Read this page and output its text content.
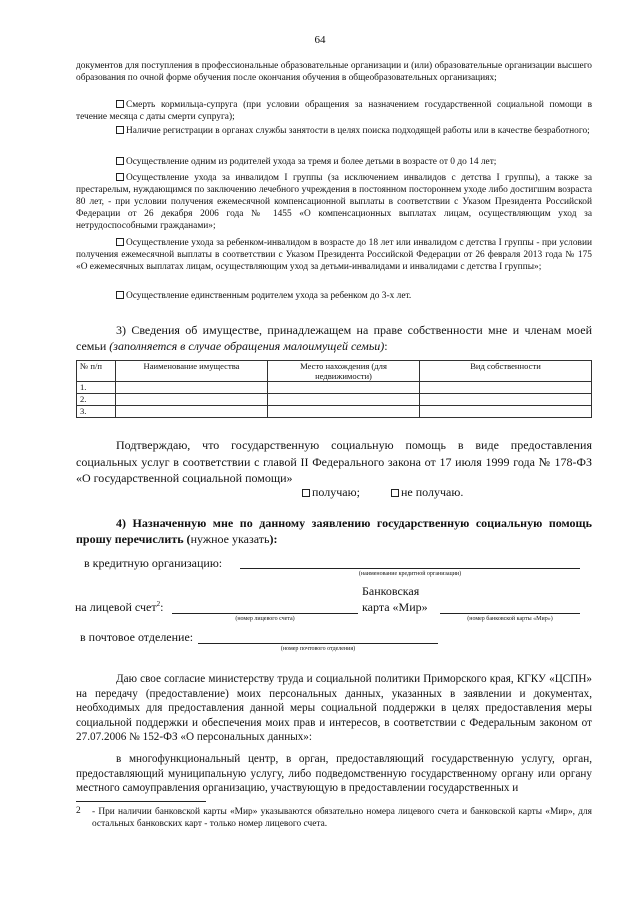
64
документов для поступления в профессиональные образовательные организации и (или) образовательные организации высшего образования по очной форме обучения после окончания обучения в общеобразовательных организациях;
Смерть кормильца-супруга (при условии обращения за назначением государственной социальной помощи в течение месяца с даты смерти супруга);
Наличие регистрации в органах службы занятости в целях поиска подходящей работы или в качестве безработного;
Осуществление одним из родителей ухода за тремя и более детьми в возрасте от 0 до 14 лет;
Осуществление ухода за инвалидом I группы (за исключением инвалидов с детства I группы), а также за престарелым, нуждающимся по заключению лечебного учреждения в постоянном постороннем уходе либо достигшим возраста 80 лет, - при условии получения ежемесячной компенсационной выплаты в соответствии с Указом Президента Российской Федерации от 26 декабря 2006 года № 1455 «О компенсационных выплатах лицам, осуществляющим уход за нетрудоспособными гражданами»;
Осуществление ухода за ребенком-инвалидом в возрасте до 18 лет или инвалидом с детства I группы - при условии получения ежемесячной выплаты в соответствии с Указом Президента Российской Федерации от 26 февраля 2013 года № 175 «О ежемесячных выплатах лицам, осуществляющим уход за детьми-инвалидами и инвалидами с детства I группы»;
Осуществление единственным родителем ухода за ребенком до 3-х лет.
3) Сведения об имуществе, принадлежащем на праве собственности мне и членам моей семьи (заполняется в случае обращения малоимущей семьи):
№ п/п	Наименование имущества	Место нахождения (для недвижимости)	Вид собственности
1.			
2.			
3.			
Подтверждаю, что государственную социальную помощь в виде предоставления социальных услуг в соответствии с главой II Федерального закона от 17 июля 1999 года № 178-ФЗ «О государственной социальной помощи»
получаю;	не получаю.
4) Назначенную мне по данному заявлению государственную социальную помощь прошу перечислить (нужное указать):
в кредитную организацию:
(наименование кредитной организации)
Банковская
на лицевой счет$^2$:
(номер лицевого счета)
карта «Мир»
(номер банковской карты «Мир»)
в почтовое отделение:
(номер почтового отделения)
Даю свое согласие министерству труда и социальной политики Приморского края, КГКУ «ЦСПН» на передачу (предоставление) моих персональных данных, указанных в заявлении и документах, необходимых для предоставления данной меры социальной поддержки в целях предоставления меры социальной поддержки и обеспечения моих прав и интересов, в соответствии с Федеральным законом от 27.07.2006 № 152-ФЗ «О персональных данных»:
в многофункциональный центр, в орган, предоставляющий государственную услугу, орган, предоставляющий муниципальную услугу, либо подведомственную государственному органу или органу местного самоуправления организацию, участвующую в предоставлении государственных и
2 - При наличии банковской карты «Мир» указываются обязательно номера лицевого счета и банковской карты «Мир», для остальных банковских карт - только номер лицевого счета.
